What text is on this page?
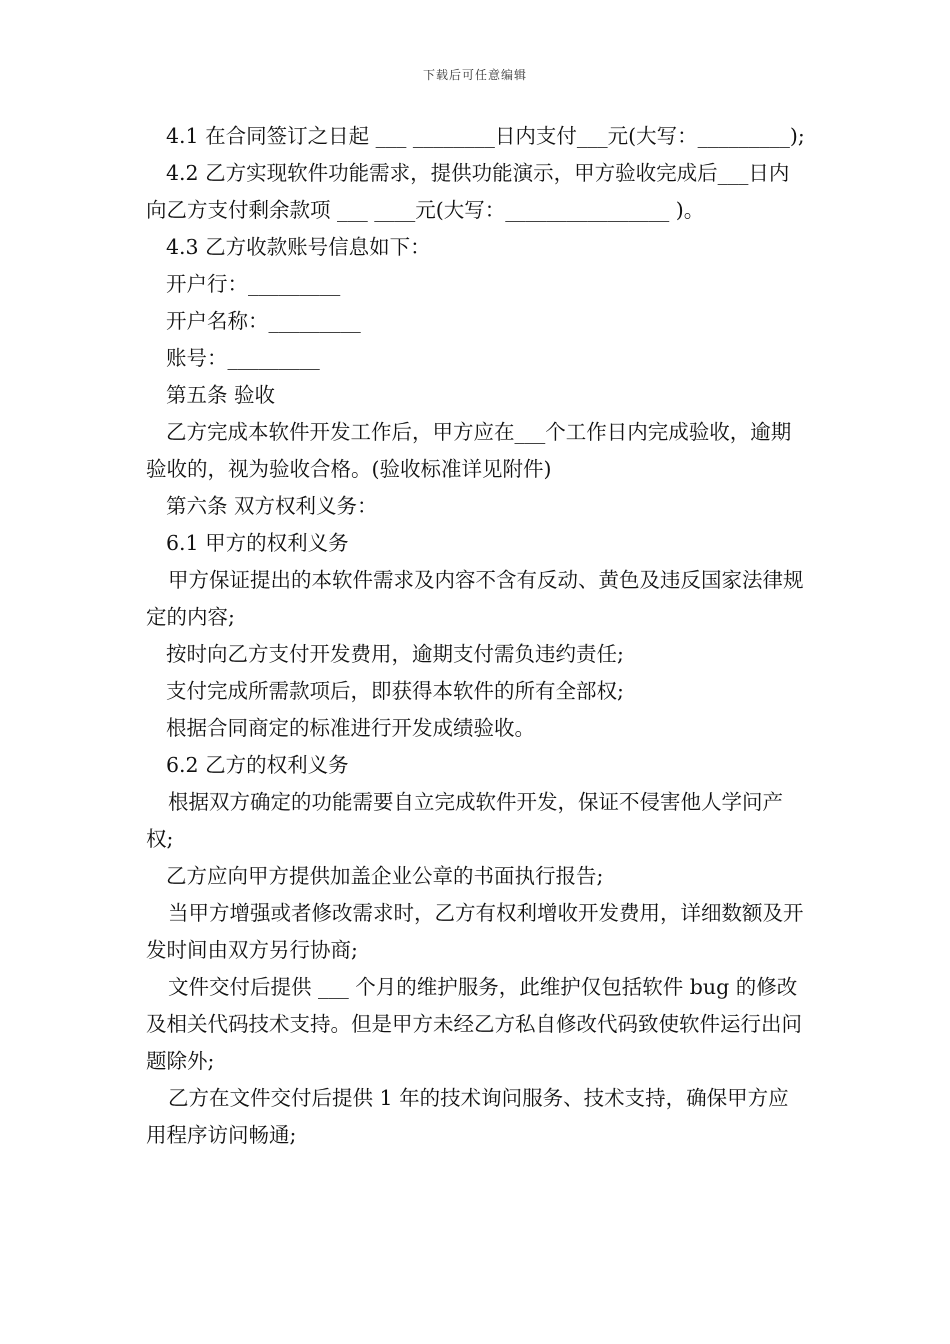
下载后可任意编辑

4.1 在合同签订之日起 ___ ________日内支付___元(大写：_________);

4.2 乙方实现软件功能需求，提供功能演示，甲方验收完成后___日内向乙方支付剩余款项 ___ ____元(大写：________________ )。

4.3 乙方收款账号信息如下：

开户行：_________

开户名称：_________

账号：_________

第五条 验收

乙方完成本软件开发工作后，甲方应在___个工作日内完成验收，逾期验收的，视为验收合格。(验收标准详见附件)

第六条 双方权利义务：

6.1 甲方的权利义务

甲方保证提出的本软件需求及内容不含有反动、黄色及违反国家法律规定的内容;

按时向乙方支付开发费用，逾期支付需负违约责任;

支付完成所需款项后，即获得本软件的所有全部权;

根据合同商定的标准进行开发成绩验收。

6.2 乙方的权利义务

根据双方确定的功能需要自立完成软件开发，保证不侵害他人学问产权;

乙方应向甲方提供加盖企业公章的书面执行报告;

当甲方增强或者修改需求时，乙方有权利增收开发费用，详细数额及开发时间由双方另行协商;

文件交付后提供 ___ 个月的维护服务，此维护仅包括软件 bug 的修改及相关代码技术支持。但是甲方未经乙方私自修改代码致使软件运行出问题除外;

乙方在文件交付后提供 1 年的技术询问服务、技术支持，确保甲方应用程序访问畅通;
